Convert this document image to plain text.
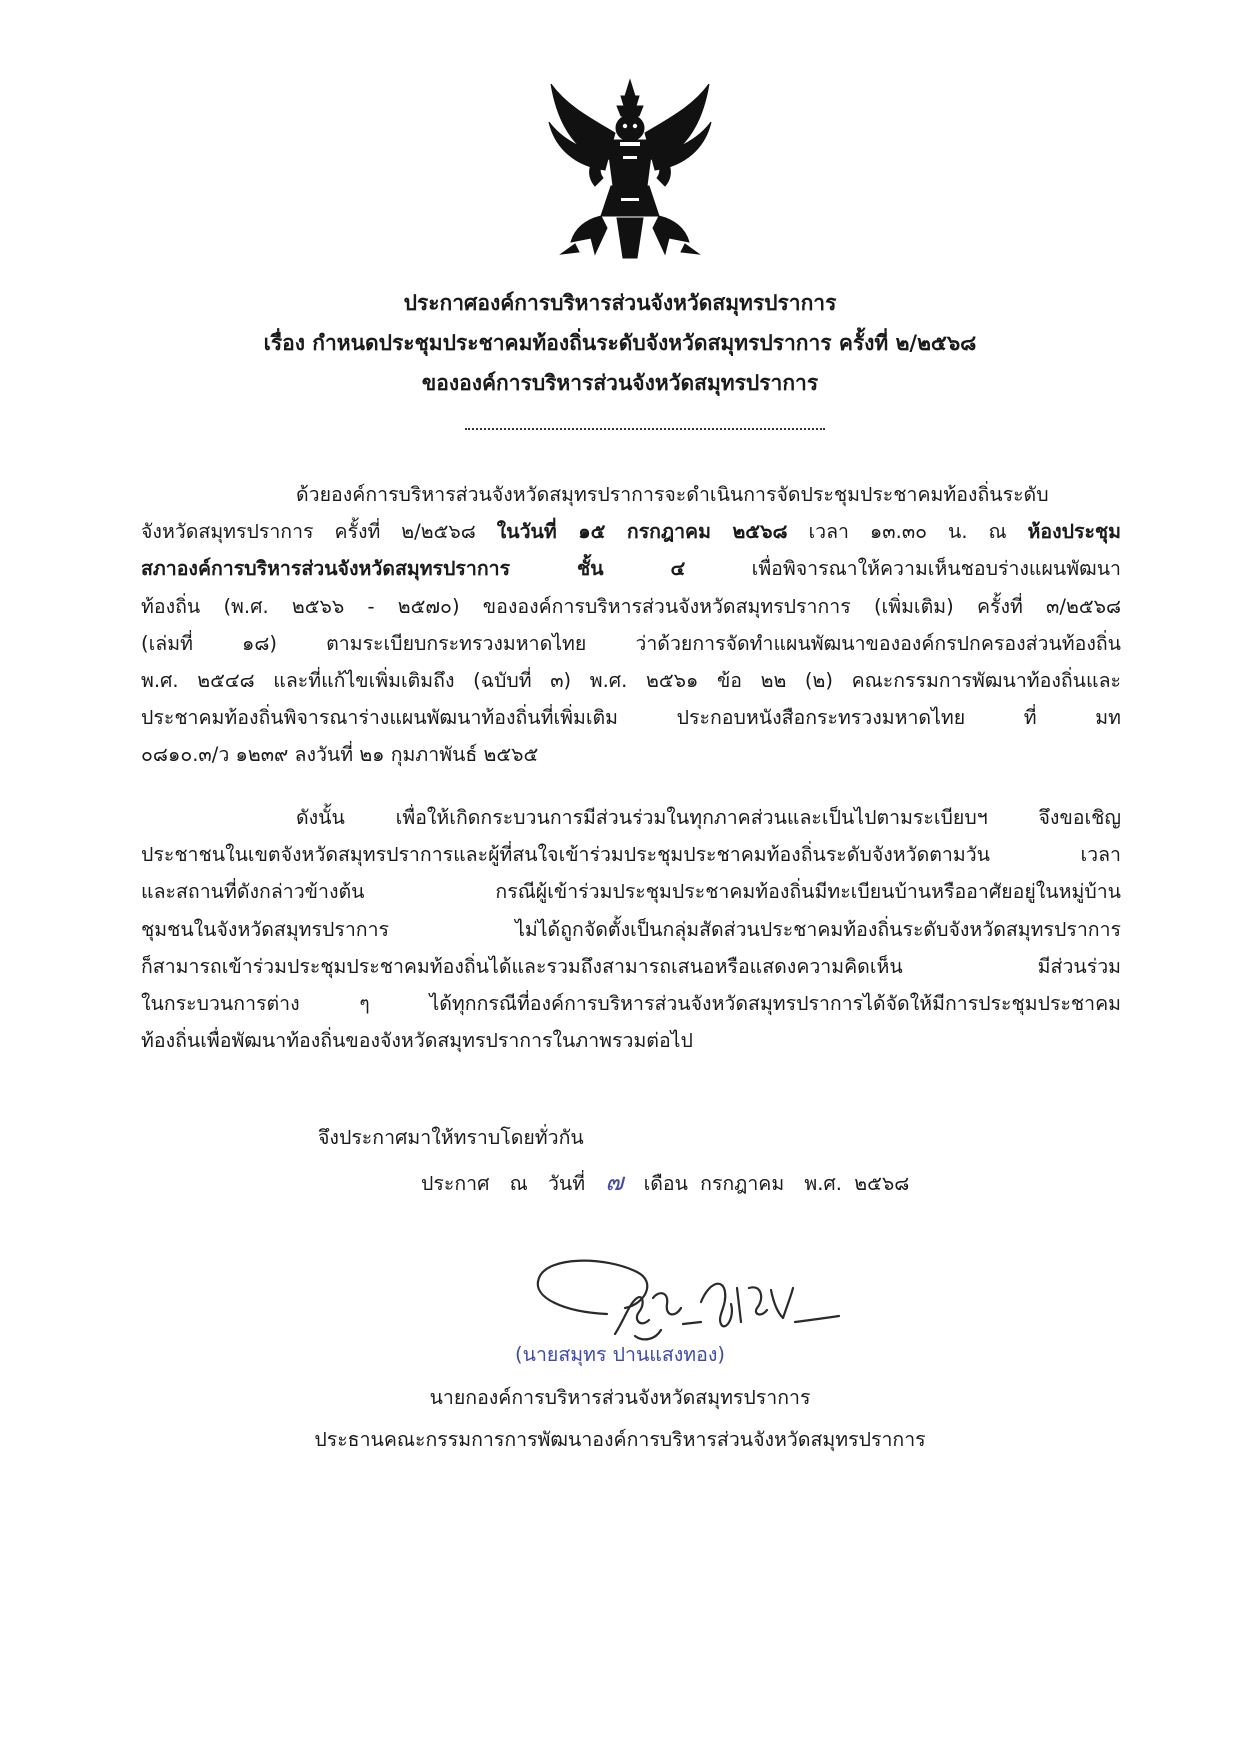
ประกาศองค์การบริหารส่วนจังหวัดสมุทรปราการ
เรื่อง กำหนดประชุมประชาคมท้องถิ่นระดับจังหวัดสมุทรปราการ ครั้งที่ ๒/๒๕๖๘
ขององค์การบริหารส่วนจังหวัดสมุทรปราการ
ด้วยองค์การบริหารส่วนจังหวัดสมุทรปราการจะดำเนินการจัดประชุมประชาคมท้องถิ่นระดับ
จังหวัดสมุทรปราการ ครั้งที่ ๒/๒๕๖๘ ในวันที่ ๑๕ กรกฎาคม ๒๕๖๘ เวลา ๑๓.๓๐ น. ณ ห้องประชุม
สภาองค์การบริหารส่วนจังหวัดสมุทรปราการ ชั้น ๔	เพื่อพิจารณาให้ความเห็นชอบร่างแผนพัฒนา
ท้องถิ่น (พ.ศ. ๒๕๖๖ - ๒๕๗๐) ขององค์การบริหารส่วนจังหวัดสมุทรปราการ (เพิ่มเติม) ครั้งที่ ๓/๒๕๖๘
(เล่มที่ ๑๘) ตามระเบียบกระทรวงมหาดไทย ว่าด้วยการจัดทำแผนพัฒนาขององค์กรปกครองส่วนท้องถิ่น
พ.ศ. ๒๕๔๘ และที่แก้ไขเพิ่มเติมถึง (ฉบับที่ ๓) พ.ศ. ๒๕๖๑ ข้อ ๒๒ (๒) คณะกรรมการพัฒนาท้องถิ่นและ
ประชาคมท้องถิ่นพิจารณาร่างแผนพัฒนาท้องถิ่นที่เพิ่มเติม ประกอบหนังสือกระทรวงมหาดไทย ที่ มท
๐๘๑๐.๓/ว ๑๒๓๙ ลงวันที่ ๒๑ กุมภาพันธ์ ๒๕๖๕
ดังนั้น เพื่อให้เกิดกระบวนการมีส่วนร่วมในทุกภาคส่วนและเป็นไปตามระเบียบฯ จึงขอเชิญ
ประชาชนในเขตจังหวัดสมุทรปราการและผู้ที่สนใจเข้าร่วมประชุมประชาคมท้องถิ่นระดับจังหวัดตามวัน เวลา
และสถานที่ดังกล่าวข้างต้น กรณีผู้เข้าร่วมประชุมประชาคมท้องถิ่นมีทะเบียนบ้านหรืออาศัยอยู่ในหมู่บ้าน
ชุมชนในจังหวัดสมุทรปราการ ไม่ได้ถูกจัดตั้งเป็นกลุ่มสัดส่วนประชาคมท้องถิ่นระดับจังหวัดสมุทรปราการ
ก็สามารถเข้าร่วมประชุมประชาคมท้องถิ่นได้และรวมถึงสามารถเสนอหรือแสดงความคิดเห็น มีส่วนร่วม
ในกระบวนการต่าง ๆ ได้ทุกกรณีที่องค์การบริหารส่วนจังหวัดสมุทรปราการได้จัดให้มีการประชุมประชาคม
ท้องถิ่นเพื่อพัฒนาท้องถิ่นของจังหวัดสมุทรปราการในภาพรวมต่อไป
จึงประกาศมาให้ทราบโดยทั่วกัน
ประกาศ ณ วันที่ ๗ เดือน กรกฎาคม พ.ศ. ๒๕๖๘
(นายสมุทร ปานแสงทอง)
นายกองค์การบริหารส่วนจังหวัดสมุทรปราการ
ประธานคณะกรรมการการพัฒนาองค์การบริหารส่วนจังหวัดสมุทรปราการ
